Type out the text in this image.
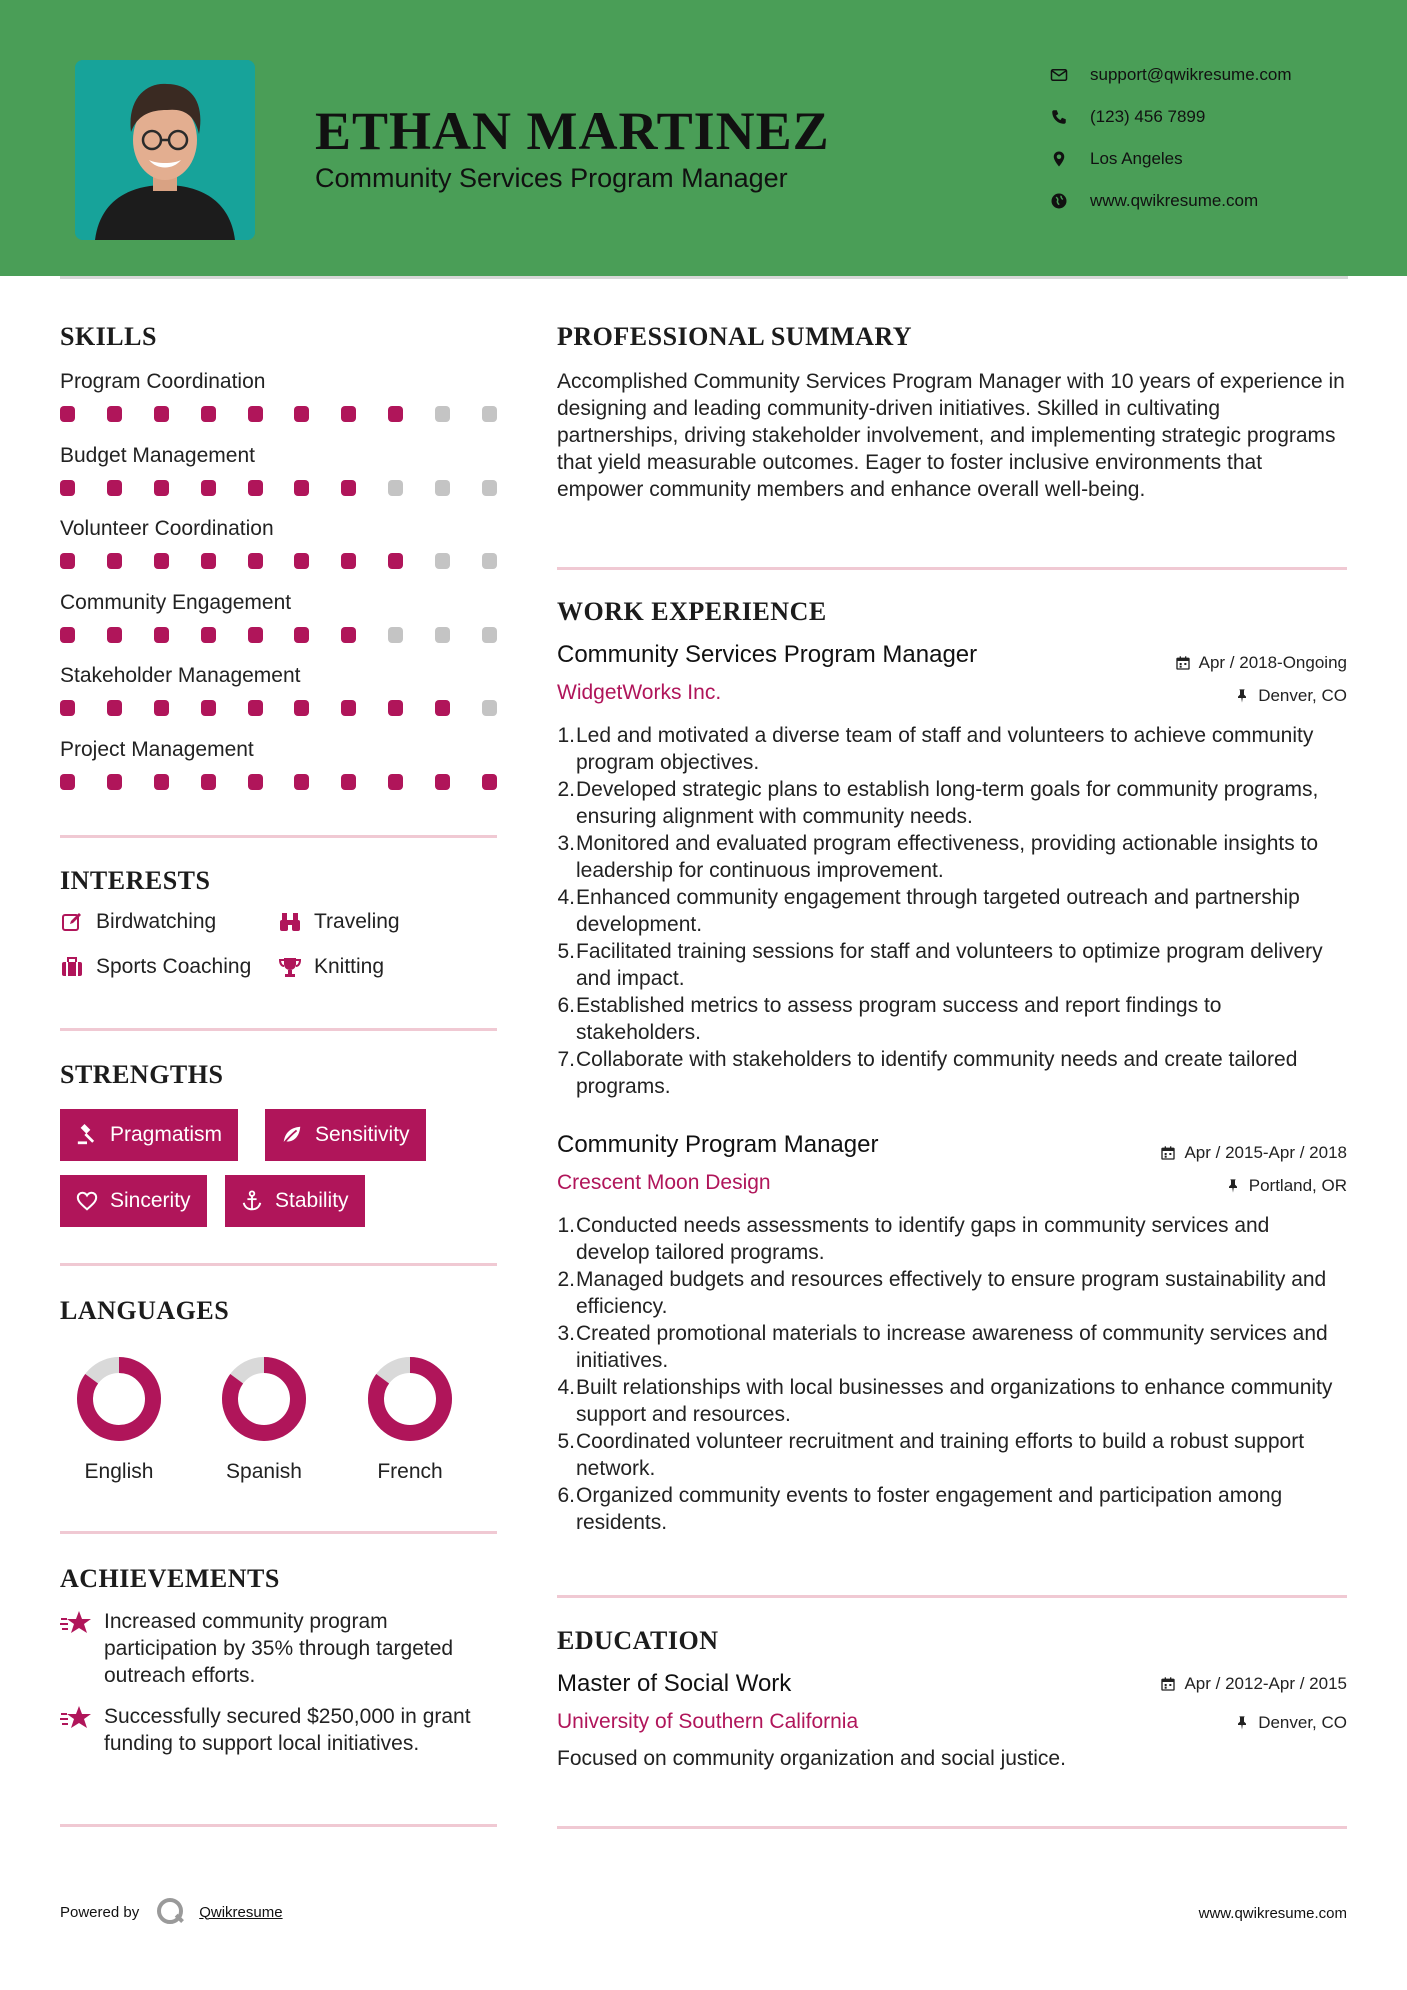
ETHAN MARTINEZ
Community Services Program Manager
support@qwikresume.com
(123) 456 7899
Los Angeles
www.qwikresume.com
SKILLS
Program Coordination
Budget Management
Volunteer Coordination
Community Engagement
Stakeholder Management
Project Management
INTERESTS
Birdwatching	Traveling
Sports Coaching	Knitting
STRENGTHS
Pragmatism	Sensitivity
Sincerity	Stability
LANGUAGES
English	Spanish	French
ACHIEVEMENTS
Increased community program participation by 35% through targeted outreach efforts.
Successfully secured $250,000 in grant funding to support local initiatives.
PROFESSIONAL SUMMARY
Accomplished Community Services Program Manager with 10 years of experience in designing and leading community-driven initiatives. Skilled in cultivating partnerships, driving stakeholder involvement, and implementing strategic programs that yield measurable outcomes. Eager to foster inclusive environments that empower community members and enhance overall well-being.
WORK EXPERIENCE
Community Services Program Manager	Apr / 2018-Ongoing
WidgetWorks Inc.	Denver, CO
1. Led and motivated a diverse team of staff and volunteers to achieve community program objectives.
2. Developed strategic plans to establish long-term goals for community programs, ensuring alignment with community needs.
3. Monitored and evaluated program effectiveness, providing actionable insights to leadership for continuous improvement.
4. Enhanced community engagement through targeted outreach and partnership development.
5. Facilitated training sessions for staff and volunteers to optimize program delivery and impact.
6. Established metrics to assess program success and report findings to stakeholders.
7. Collaborate with stakeholders to identify community needs and create tailored programs.
Community Program Manager	Apr / 2015-Apr / 2018
Crescent Moon Design	Portland, OR
1. Conducted needs assessments to identify gaps in community services and develop tailored programs.
2. Managed budgets and resources effectively to ensure program sustainability and efficiency.
3. Created promotional materials to increase awareness of community services and initiatives.
4. Built relationships with local businesses and organizations to enhance community support and resources.
5. Coordinated volunteer recruitment and training efforts to build a robust support network.
6. Organized community events to foster engagement and participation among residents.
EDUCATION
Master of Social Work	Apr / 2012-Apr / 2015
University of Southern California	Denver, CO
Focused on community organization and social justice.
Powered by	Qwikresume	www.qwikresume.com
